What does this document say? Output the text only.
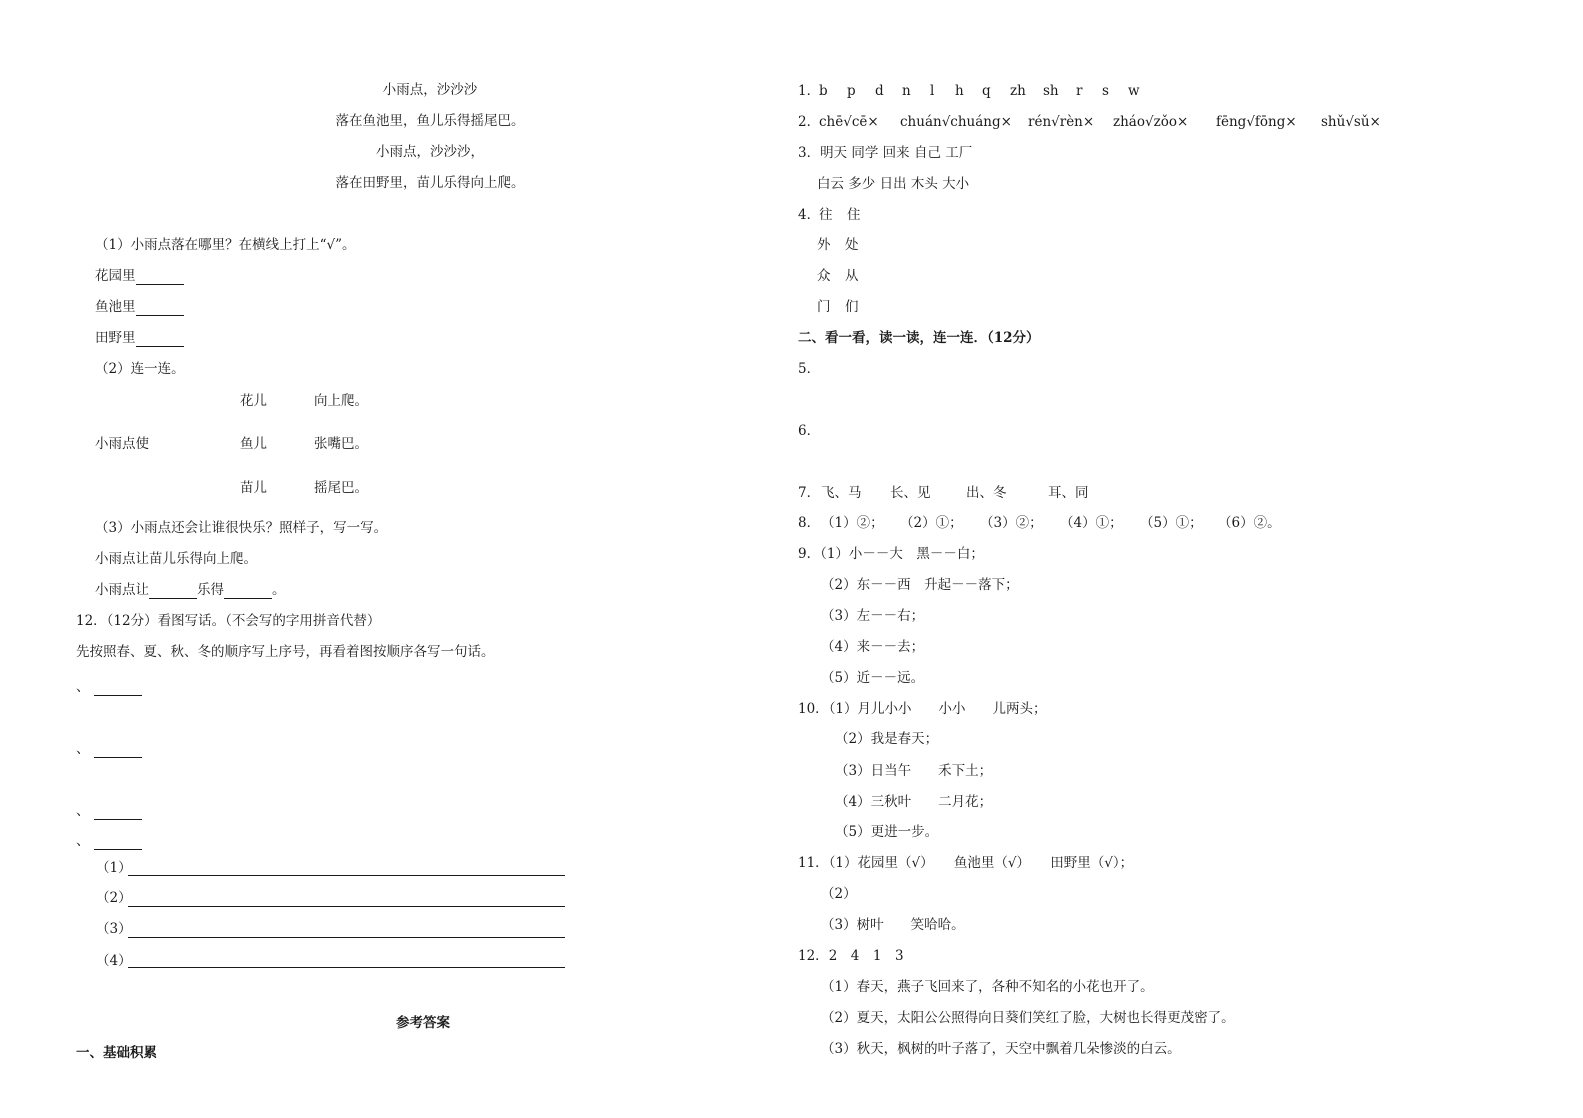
小雨点，沙沙沙
落在鱼池里，鱼儿乐得摇尾巴。
小雨点，沙沙沙，
落在田野里，苗儿乐得向上爬。
（1）小雨点落在哪里？在横线上打上“√”。
花园里
鱼池里
田野里
（2）连一连。
花儿	向上爬。
小雨点使	鱼儿	张嘴巴。
苗儿	摇尾巴。
（3）小雨点还会让谁很快乐？照样子，写一写。
小雨点让苗儿乐得向上爬。
小雨点让	乐得	。
12．（12分）看图写话。（不会写的字用拼音代替）
先按照春、夏、秋、冬的顺序写上序号，再看着图按顺序各写一句话。
、
、
、
、
（1）
（2）
（3）
（4）
参考答案
一、基础积累
1．
b p d n l h q zh sh r s w
2．
chē√cē× chuán√chuáng× rén√rèn× zháo√zǒo× fēng√fōng× shǔ√sǔ×
3．明天 同学 回来 自己 工厂
白云 多少 日出 木头 大小
4．
往 住
外 处
众 从
门 们
二、看一看，读一读，连一连．（12分）
5．
6．
7． 飞、马 长、见	出、冬	耳、同
8． （1）②； （2）①； （3）②； （4）①； （5）①； （6）②。
9．（1）小－－大　黑－－白；
（2）东－－西　升起－－落下；
（3）左－－右；
（4）来－－去；
（5）近－－远。
10．（1）月儿小小　　小小　　儿两头；
（2）我是春天；
（3）日当午　　禾下土；
（4）三秋叶　　二月花；
（5）更进一步。
11．（1）花园里（√）　　鱼池里（√）　　田野里（√）；
（2）
（3）树叶　　笑哈哈。
12．2　4　1　3
（1）春天，燕子飞回来了，各种不知名的小花也开了。
（2）夏天，太阳公公照得向日葵们笑红了脸，大树也长得更茂密了。
（3）秋天，枫树的叶子落了，天空中飘着几朵惨淡的白云。
